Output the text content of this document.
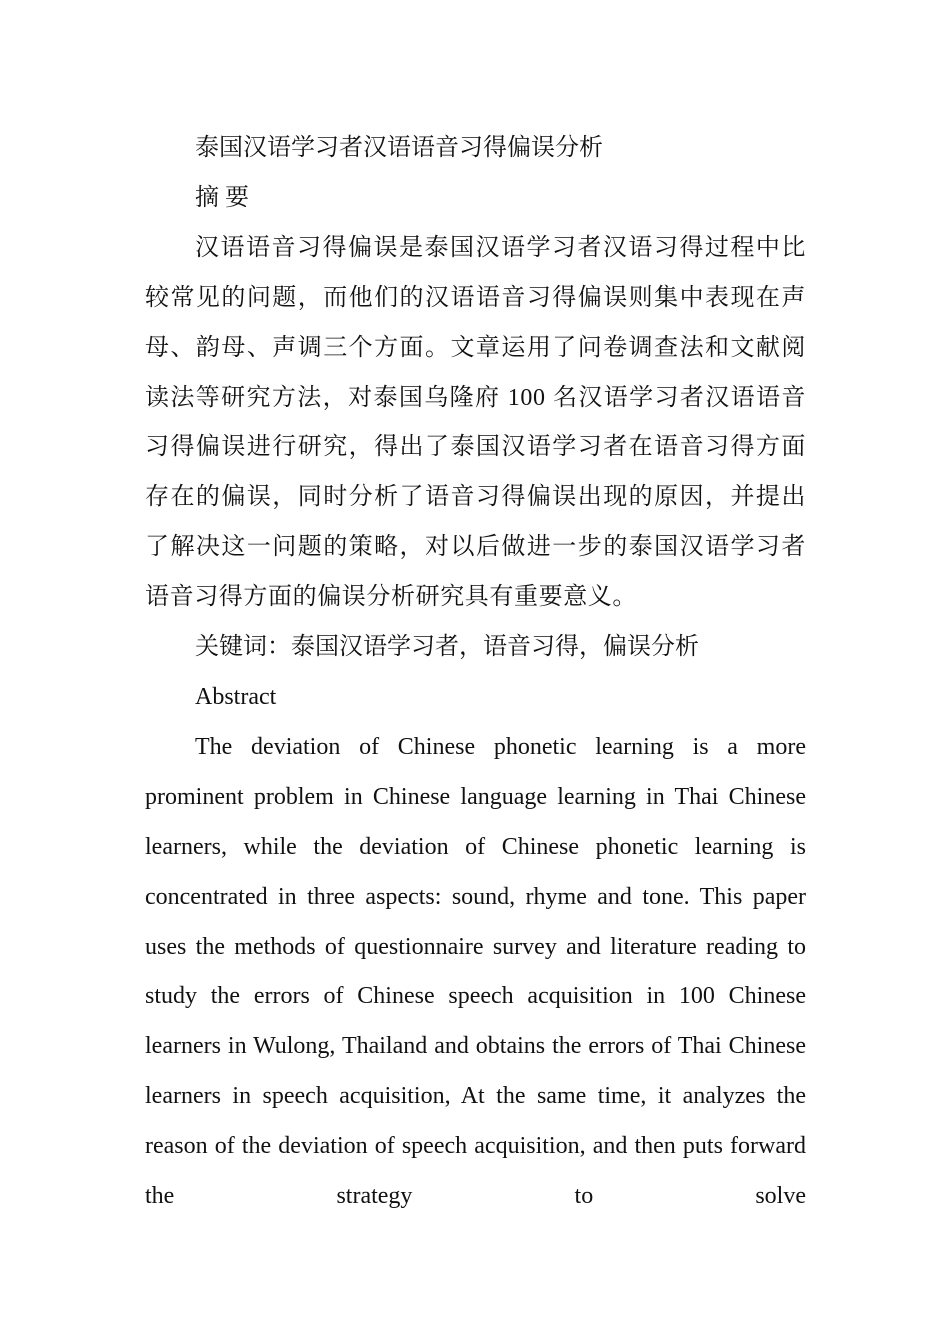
泰国汉语学习者汉语语音习得偏误分析

摘 要

汉语语音习得偏误是泰国汉语学习者汉语习得过程中比较常见的问题，而他们的汉语语音习得偏误则集中表现在声母、韵母、声调三个方面。文章运用了问卷调查法和文献阅读法等研究方法，对泰国乌隆府 100 名汉语学习者汉语语音习得偏误进行研究，得出了泰国汉语学习者在语音习得方面存在的偏误，同时分析了语音习得偏误出现的原因，并提出了解决这一问题的策略，对以后做进一步的泰国汉语学习者语音习得方面的偏误分析研究具有重要意义。

关键词：泰国汉语学习者，语音习得，偏误分析

Abstract

The deviation of Chinese phonetic learning is a more prominent problem in Chinese language learning in Thai Chinese learners, while the deviation of Chinese phonetic learning is concentrated in three aspects: sound, rhyme and tone. This paper uses the methods of questionnaire survey and literature reading to study the errors of Chinese speech acquisition in 100 Chinese learners in Wulong, Thailand and obtains the errors of Thai Chinese learners in speech acquisition, At the same time, it analyzes the reason of the deviation of speech acquisition, and then puts forward the strategy to solve
